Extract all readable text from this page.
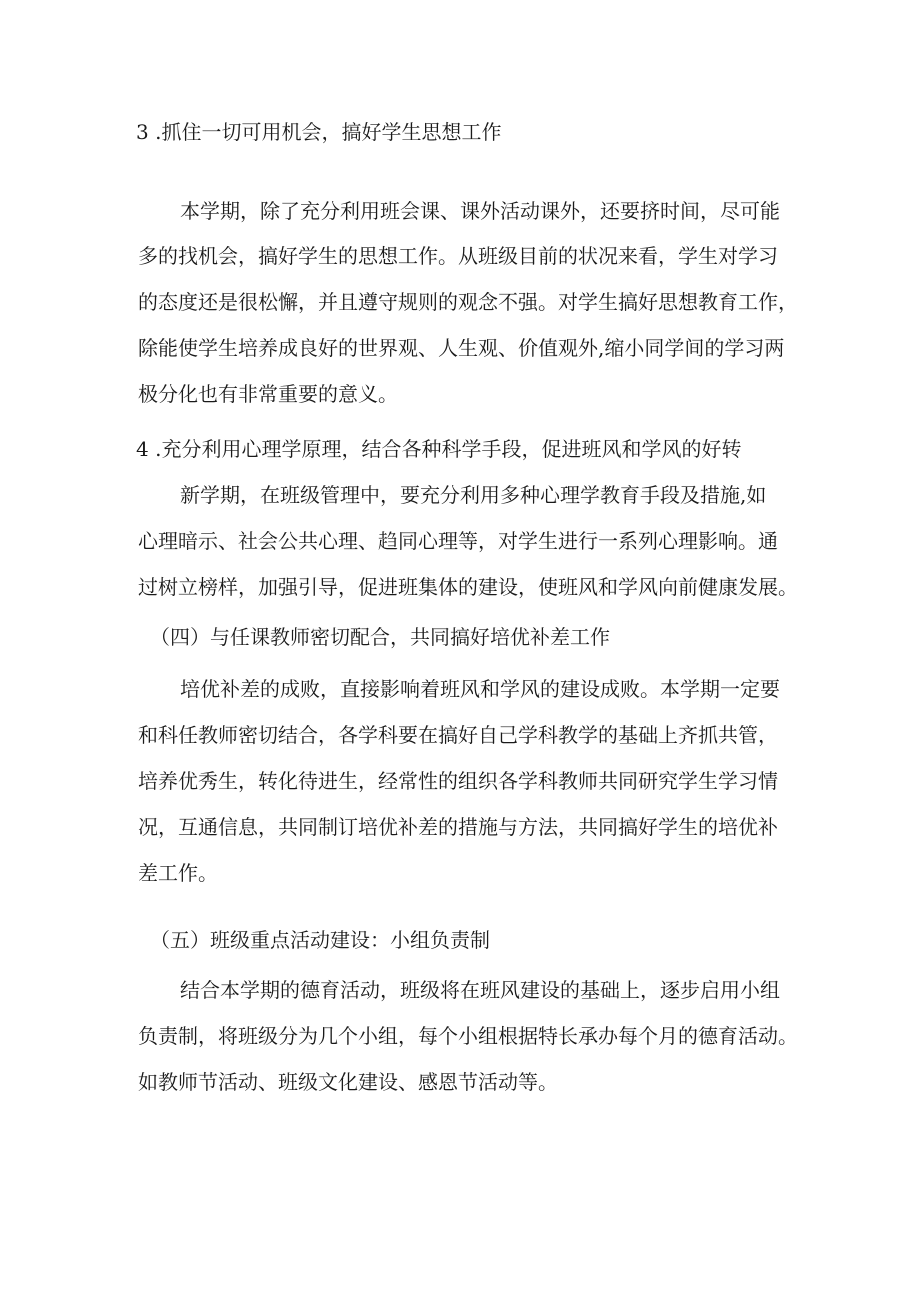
3 .抓住一切可用机会，搞好学生思想工作

本学期，除了充分利用班会课、课外活动课外，还要挤时间，尽可能

多的找机会，搞好学生的思想工作。从班级目前的状况来看，学生对学习

的态度还是很松懈，并且遵守规则的观念不强。对学生搞好思想教育工作，

除能使学生培养成良好的世界观、人生观、价值观外,缩小同学间的学习两

极分化也有非常重要的意义。

4 .充分利用心理学原理，结合各种科学手段，促进班风和学风的好转

新学期，在班级管理中，要充分利用多种心理学教育手段及措施,如

心理暗示、社会公共心理、趋同心理等，对学生进行一系列心理影响。通

过树立榜样，加强引导，促进班集体的建设，使班风和学风向前健康发展。

（四）与任课教师密切配合，共同搞好培优补差工作

培优补差的成败，直接影响着班风和学风的建设成败。本学期一定要

和科任教师密切结合，各学科要在搞好自己学科教学的基础上齐抓共管，

培养优秀生，转化待进生，经常性的组织各学科教师共同研究学生学习情

况，互通信息，共同制订培优补差的措施与方法，共同搞好学生的培优补

差工作。

（五）班级重点活动建设：小组负责制

结合本学期的德育活动，班级将在班风建设的基础上，逐步启用小组

负责制，将班级分为几个小组，每个小组根据特长承办每个月的德育活动。

如教师节活动、班级文化建设、感恩节活动等。
